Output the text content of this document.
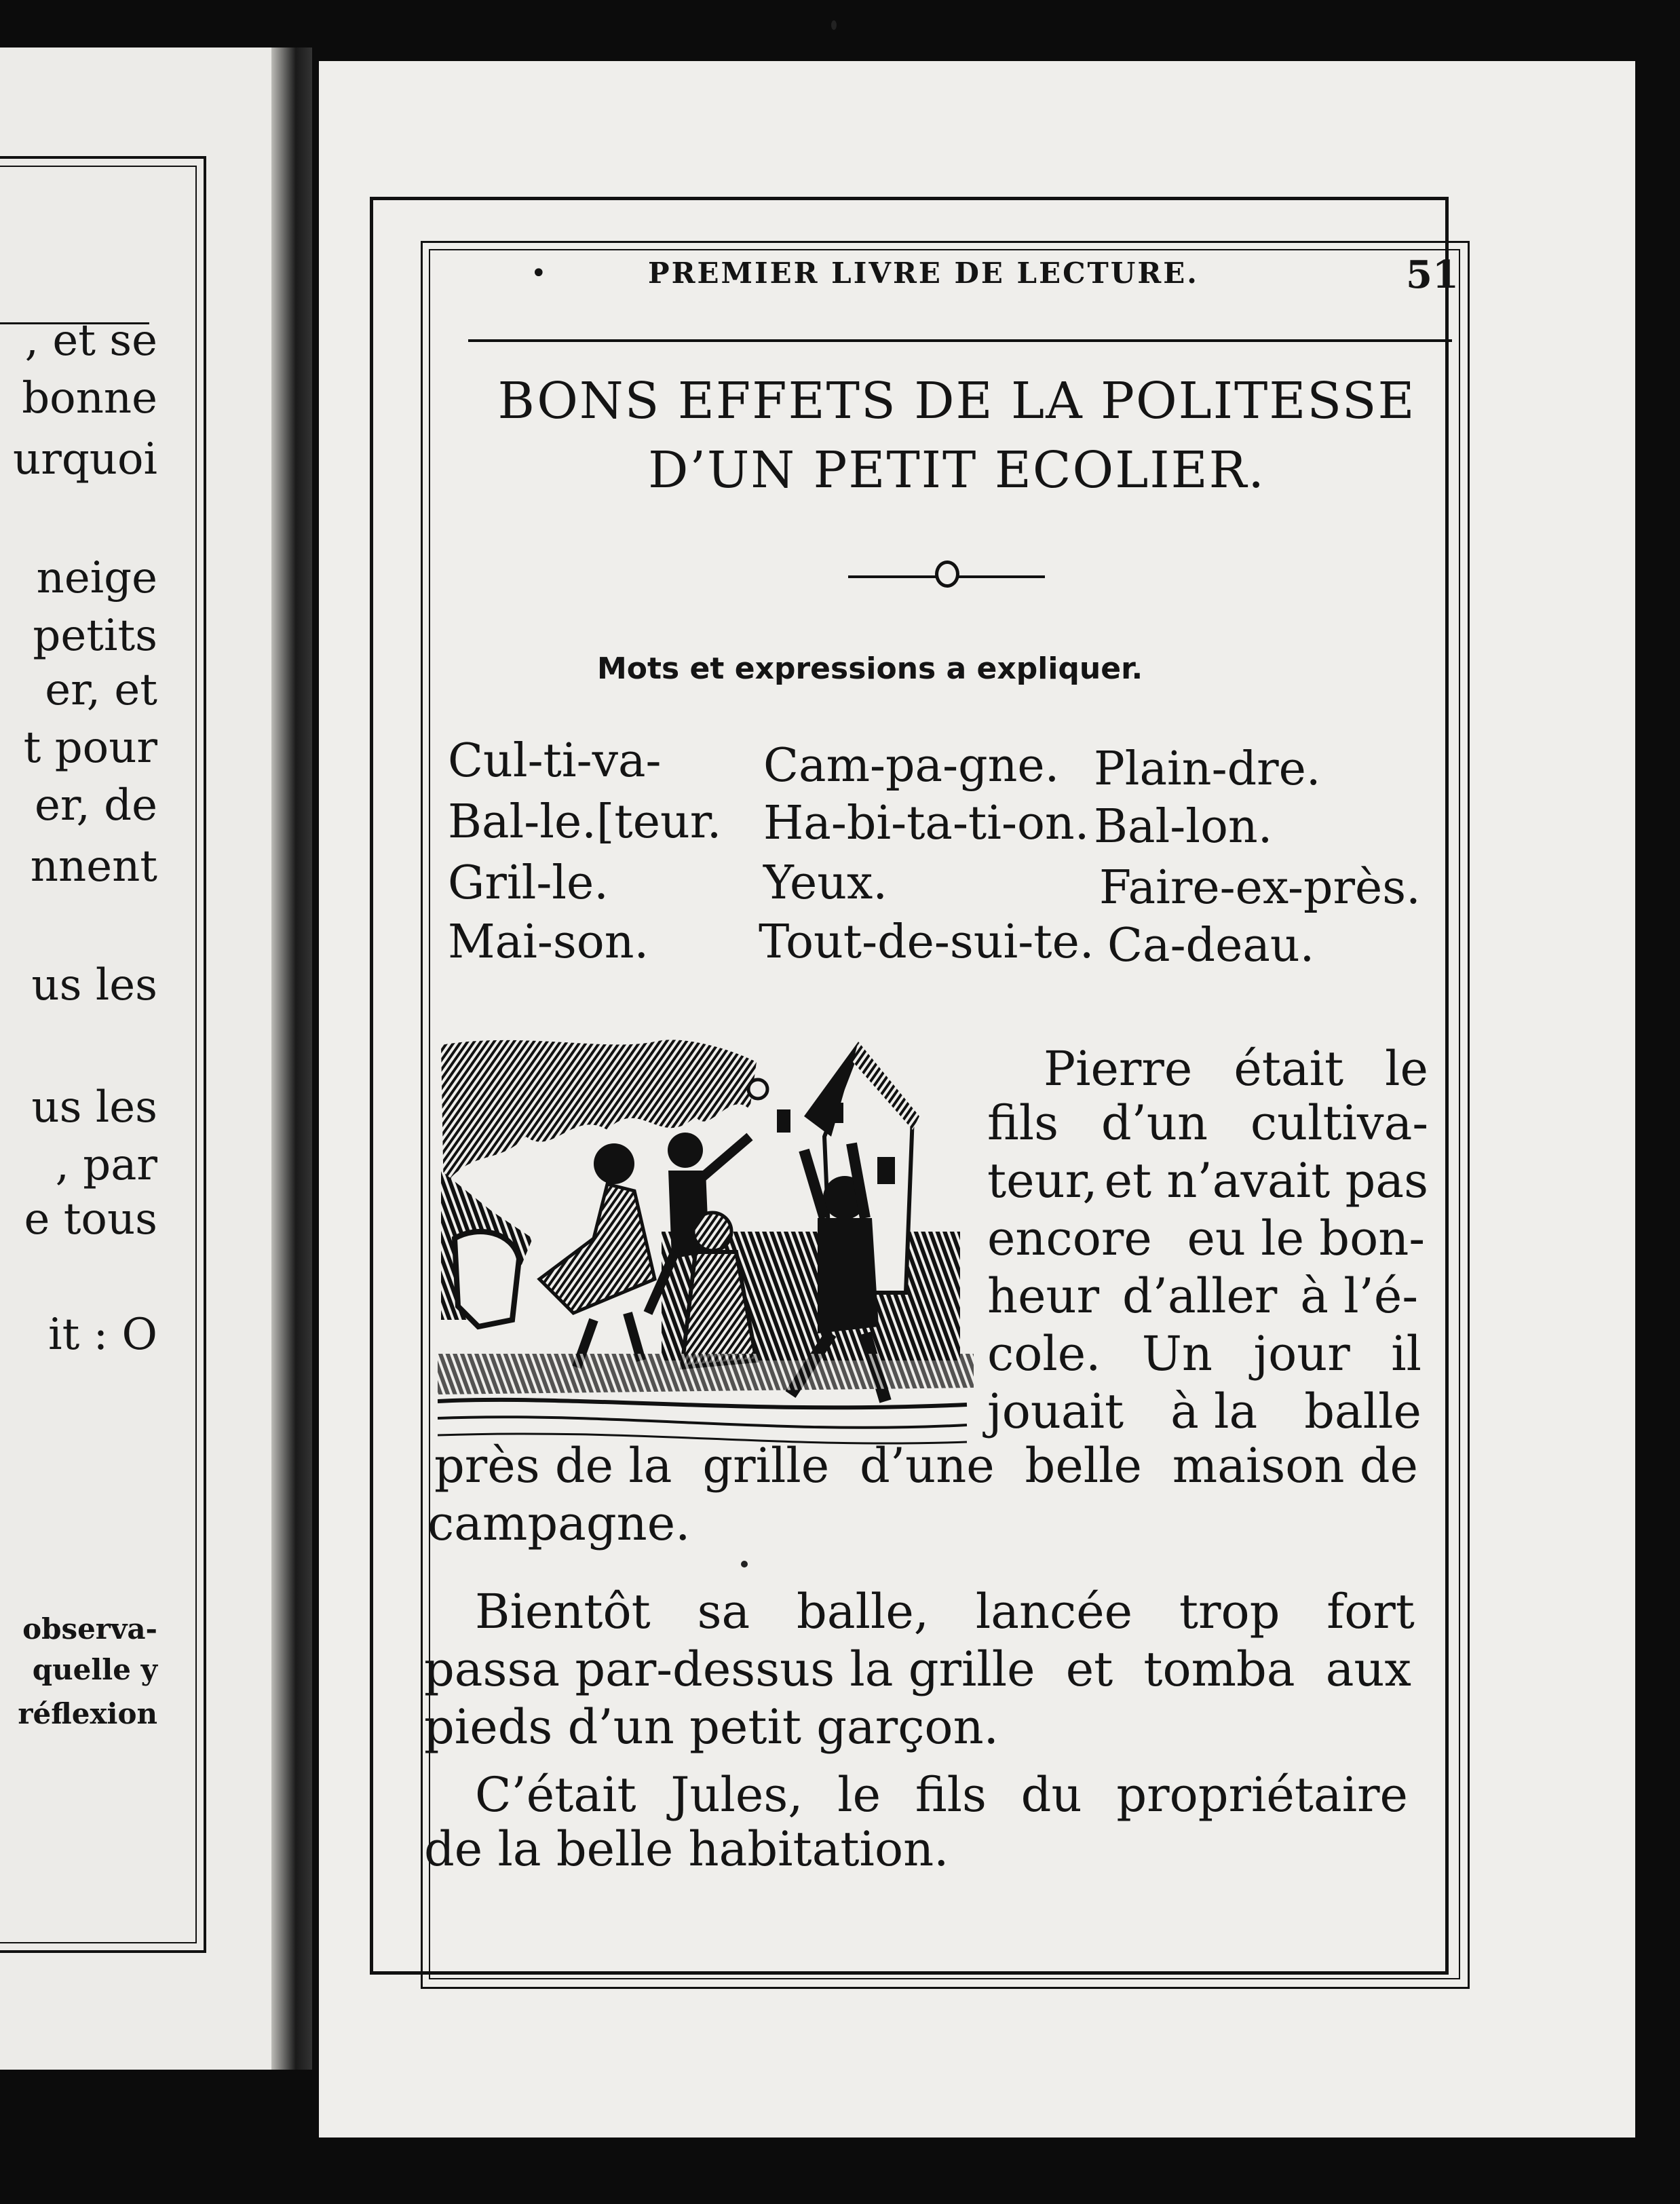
, et se
bonne
urquoi
neige
petits
er, et
t pour
er, de
nnent
us les
us les
, par
e tous
it : O
observa-
quelle y
réflexion
•	PREMIER LIVRE DE LECTURE.	51
BONS EFFETS DE LA POLITESSE
D’UN PETIT ECOLIER.
Mots et expressions a expliquer.
Cul-ti-va-
Bal-le.[teur.
Gril-le.
Mai-son.
Cam-pa-gne.
Ha-bi-ta-ti-on.
Yeux.
Tout-de-sui-te.
Plain-dre.
Bal-lon.
Faire-ex-près.
Ca-deau.
Pierre était le
fils d’un cultiva-
teur, et n’avait pas
encore eu le bon-
heur d’aller à l’é-
cole. Un jour il
jouait à la balle
près de la grille d’une belle maison de
campagne.
Bientôt sa balle, lancée trop fort
passa par-dessus la grille et tomba aux
pieds d’un petit garçon.
C’était Jules, le fils du propriétaire
de la belle habitation.
